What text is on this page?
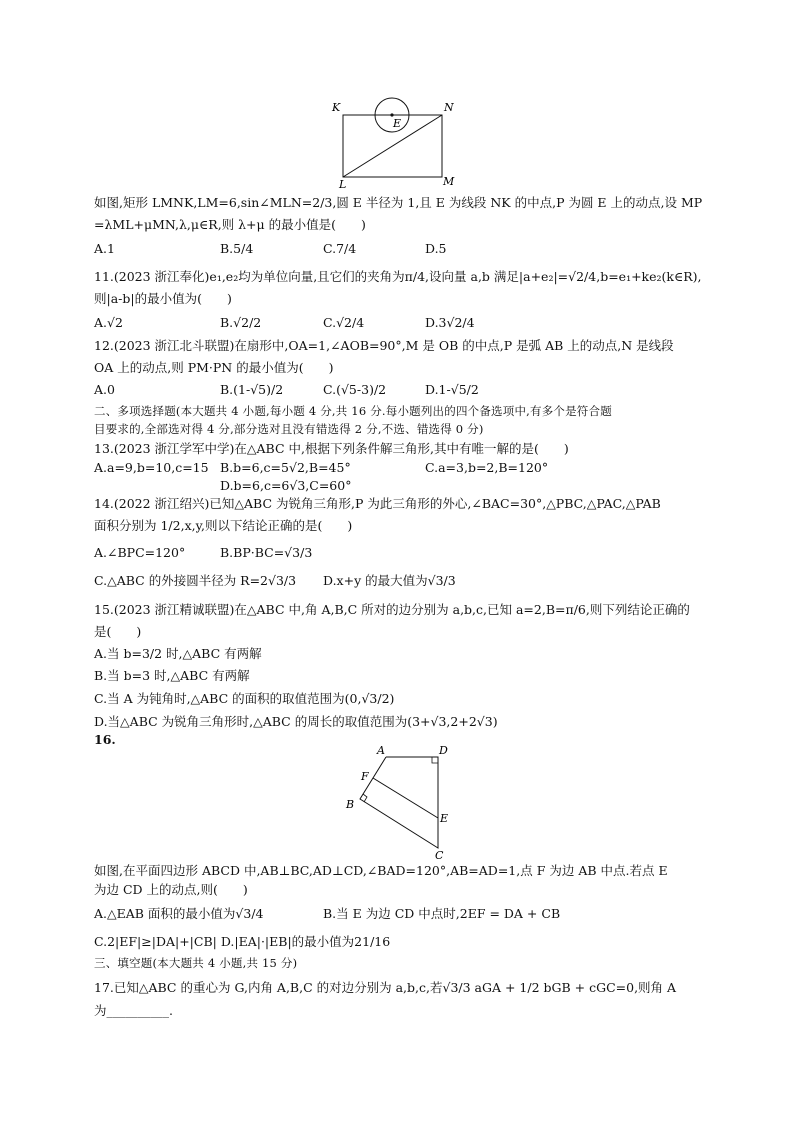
K	N
E
L	M
如图,矩形 LMNK,LM=6,sin∠MLN=2/3,圆 E 半径为 1,且 E 为线段 NK 的中点,P 为圆 E 上的动点,设 MP
=λML+μMN,λ,μ∈R,则 λ+μ 的最小值是(　　)
A.1	B.5/4	C.7/4	D.5
11.(2023 浙江奉化)e₁,e₂均为单位向量,且它们的夹角为π/4,设向量 a,b 满足|a+e₂|=√2/4,b=e₁+ke₂(k∈R),
则|a-b|的最小值为(　　)
A.√2	B.√2/2	C.√2/4	D.3√2/4
12.(2023 浙江北斗联盟)在扇形中,OA=1,∠AOB=90°,M 是 OB 的中点,P 是弧 AB 上的动点,N 是线段
OA 上的动点,则 PM·PN 的最小值为(　　)
A.0	B.(1-√5)/2	C.(√5-3)/2	D.1-√5/2
二、多项选择题(本大题共 4 小题,每小题 4 分,共 16 分.每小题列出的四个备选项中,有多个是符合题
目要求的,全部选对得 4 分,部分选对且没有错选得 2 分,不选、错选得 0 分)
13.(2023 浙江学军中学)在△ABC 中,根据下列条件解三角形,其中有唯一解的是(　　)
A.a=9,b=10,c=15 B.b=6,c=5√2,B=45°	C.a=3,b=2,B=120°
D.b=6,c=6√3,C=60°
14.(2022 浙江绍兴)已知△ABC 为锐角三角形,P 为此三角形的外心,∠BAC=30°,△PBC,△PAC,△PAB
面积分别为 1/2,x,y,则以下结论正确的是(　　)
A.∠BPC=120°	B.BP·BC=√3/3
C.△ABC 的外接圆半径为 R=2√3/3 D.x+y 的最大值为√3/3
15.(2023 浙江精诚联盟)在△ABC 中,角 A,B,C 所对的边分别为 a,b,c,已知 a=2,B=π/6,则下列结论正确的
是(　　)
A.当 b=3/2 时,△ABC 有两解
B.当 b=3 时,△ABC 有两解
C.当 A 为钝角时,△ABC 的面积的取值范围为(0,√3/2)
D.当△ABC 为锐角三角形时,△ABC 的周长的取值范围为(3+√3,2+2√3)
16.
A	D
F
B
E
C
如图,在平面四边形 ABCD 中,AB⊥BC,AD⊥CD,∠BAD=120°,AB=AD=1,点 F 为边 AB 中点.若点 E
为边 CD 上的动点,则(　　)
A.△EAB 面积的最小值为√3/4	B.当 E 为边 CD 中点时,2EF = DA + CB
C.2|EF|≥|DA|+|CB| D.|EA|·|EB|的最小值为21/16
三、填空题(本大题共 4 小题,共 15 分)
17.已知△ABC 的重心为 G,内角 A,B,C 的对边分别为 a,b,c,若√3/3 aGA + 1/2 bGB + cGC=0,则角 A
为__________.
